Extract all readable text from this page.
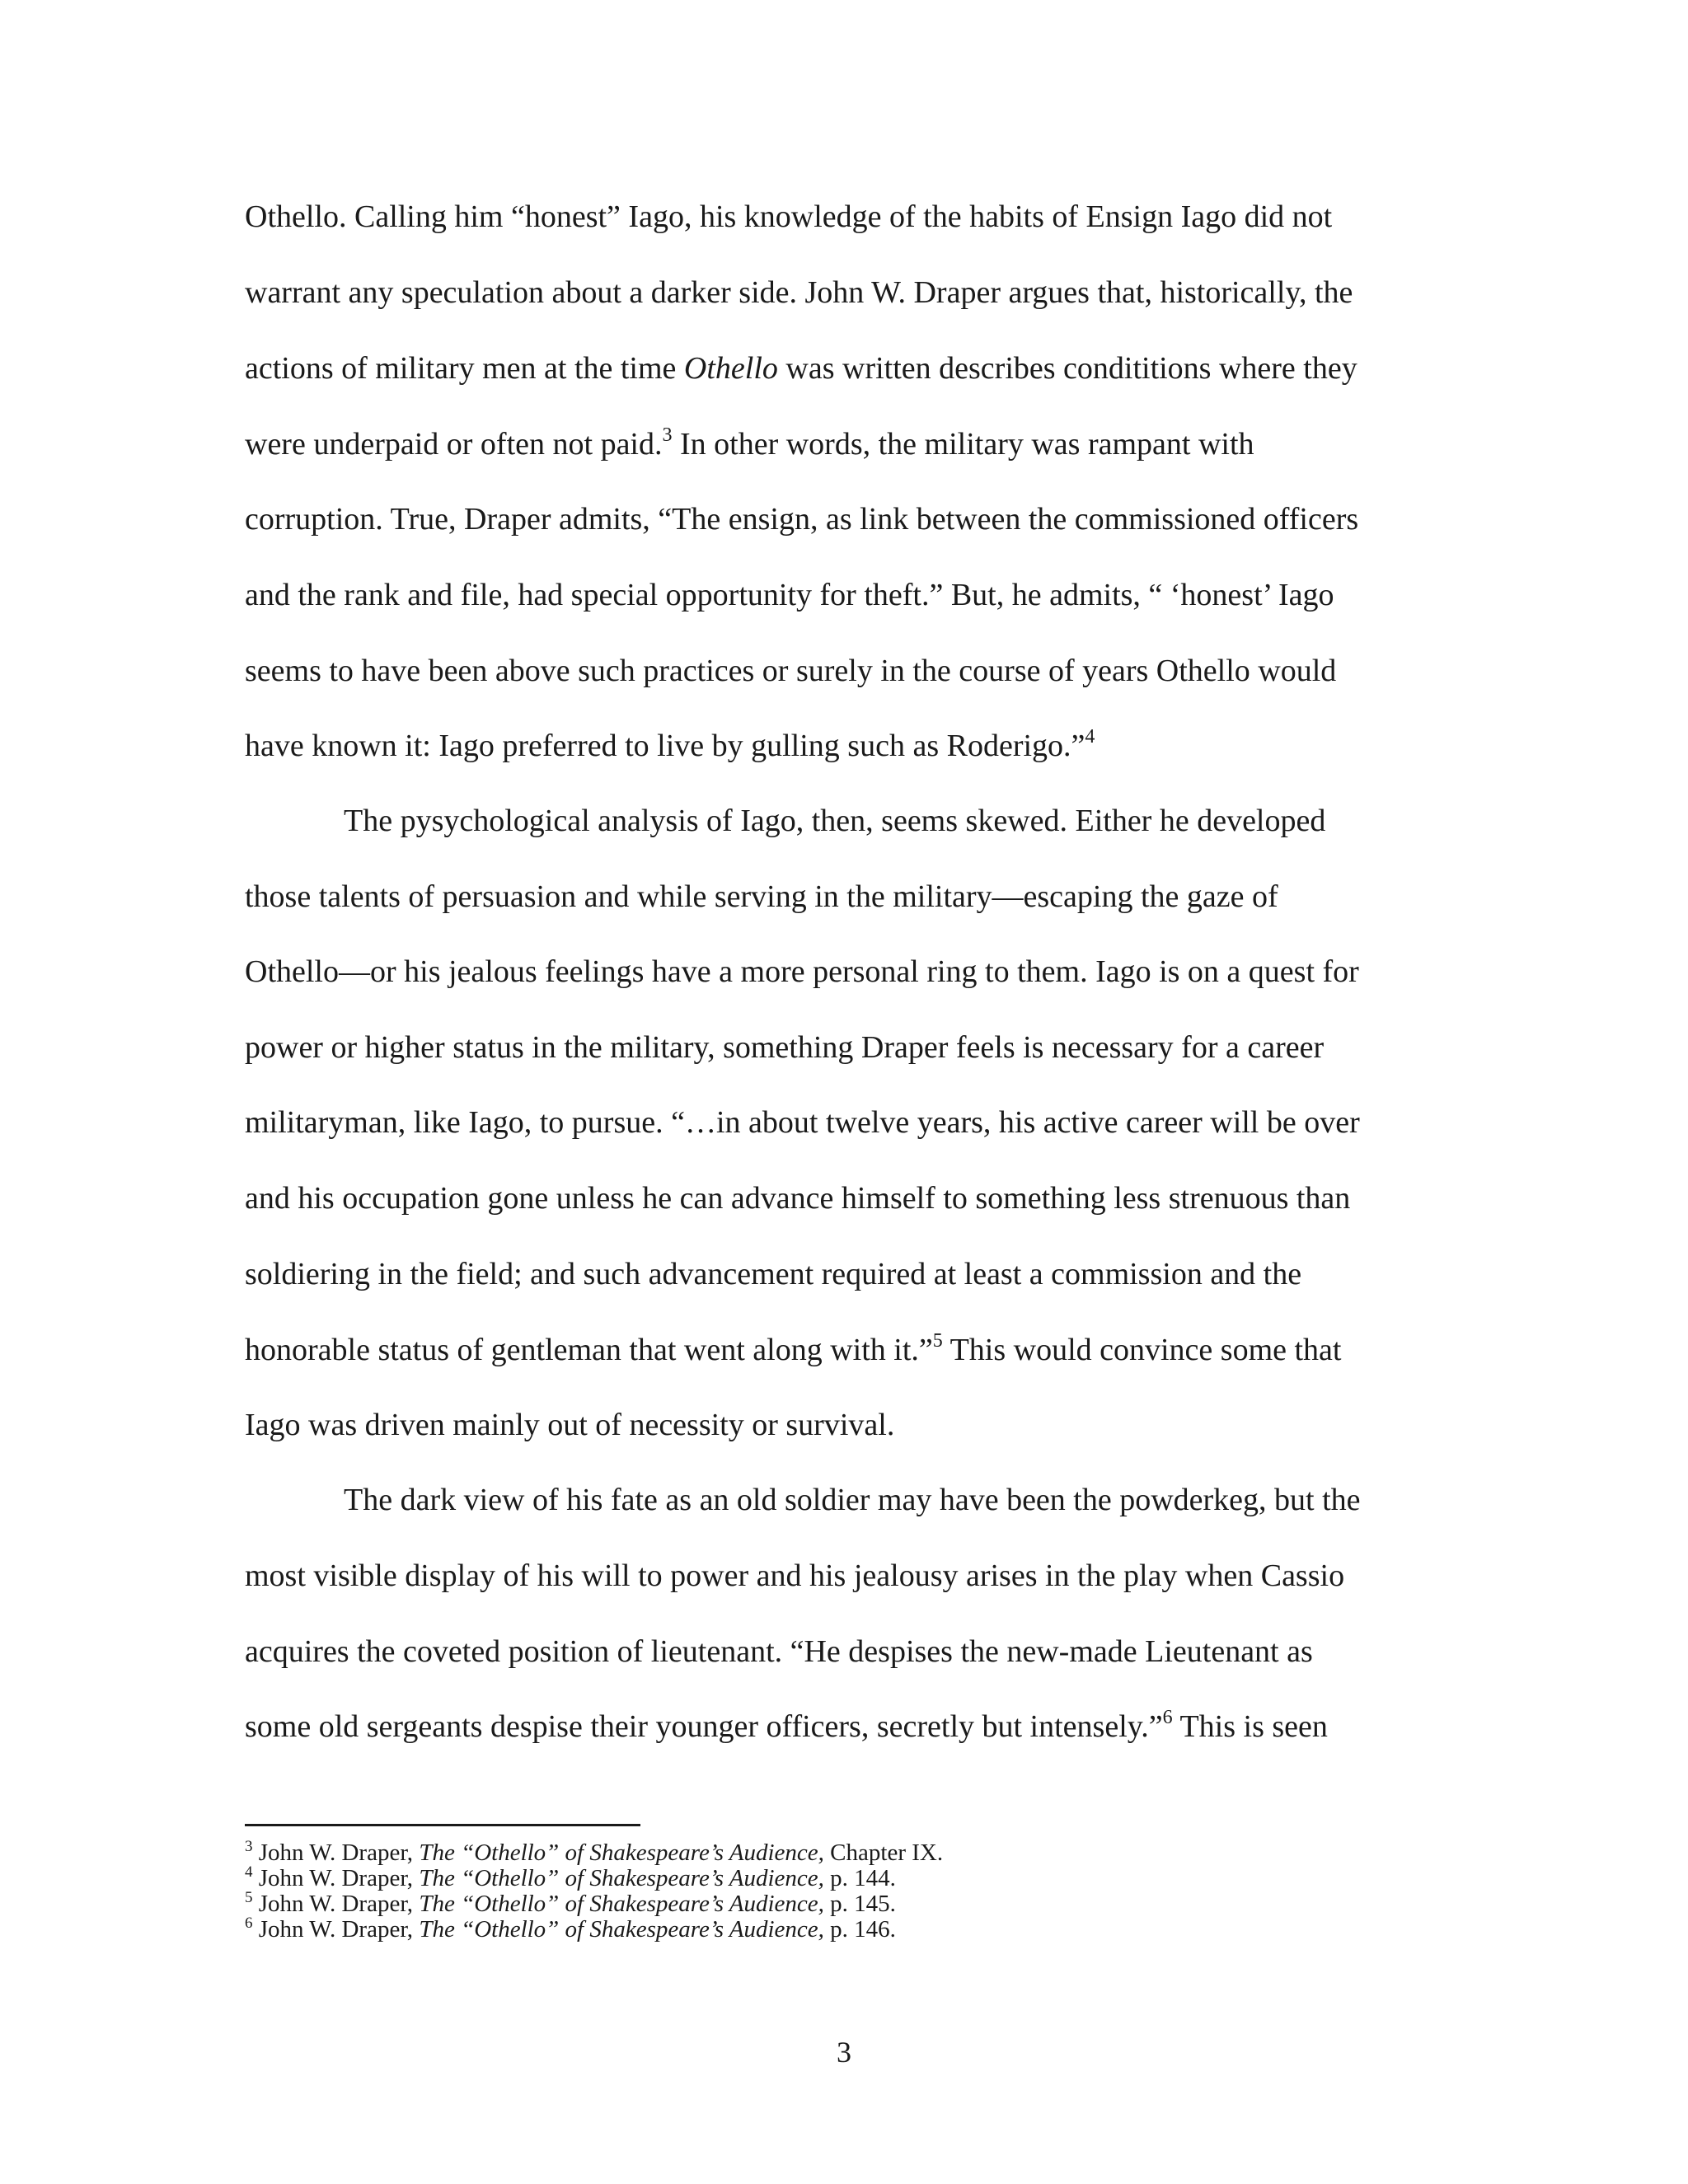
Othello. Calling him “honest” Iago, his knowledge of the habits of Ensign Iago did not
warrant any speculation about a darker side. John W. Draper argues that, historically, the
actions of military men at the time Othello was written describes condititions where they
were underpaid or often not paid.$^3$ In other words, the military was rampant with
corruption. True, Draper admits, “The ensign, as link between the commissioned officers
and the rank and file, had special opportunity for theft.” But, he admits, “ ‘honest’ Iago
seems to have been above such practices or surely in the course of years Othello would
have known it: Iago preferred to live by gulling such as Roderigo.”$^4$
The pysychological analysis of Iago, then, seems skewed. Either he developed
those talents of persuasion and while serving in the military—escaping the gaze of
Othello—or his jealous feelings have a more personal ring to them. Iago is on a quest for
power or higher status in the military, something Draper feels is necessary for a career
militaryman, like Iago, to pursue. “…in about twelve years, his active career will be over
and his occupation gone unless he can advance himself to something less strenuous than
soldiering in the field; and such advancement required at least a commission and the
honorable status of gentleman that went along with it.”$^5$ This would convince some that
Iago was driven mainly out of necessity or survival.
The dark view of his fate as an old soldier may have been the powderkeg, but the
most visible display of his will to power and his jealousy arises in the play when Cassio
acquires the coveted position of lieutenant. “He despises the new-made Lieutenant as
some old sergeants despise their younger officers, secretly but intensely.”$^6$ This is seen
$^3$ John W. Draper, The “Othello” of Shakespeare’s Audience, Chapter IX.
$^4$ John W. Draper, The “Othello” of Shakespeare’s Audience, p. 144.
$^5$ John W. Draper, The “Othello” of Shakespeare’s Audience, p. 145.
$^6$ John W. Draper, The “Othello” of Shakespeare’s Audience, p. 146.
3
